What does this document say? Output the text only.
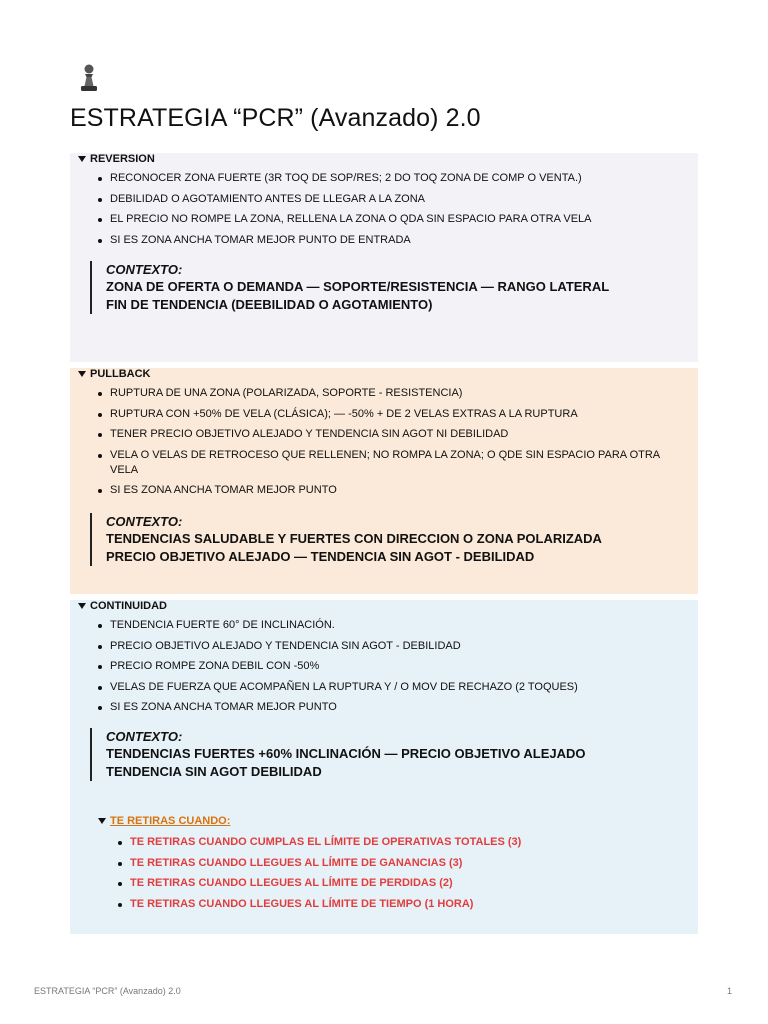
ESTRATEGIA “PCR” (Avanzado) 2.0
REVERSION
RECONOCER ZONA FUERTE (3R TOQ DE SOP/RES; 2 DO TOQ ZONA DE COMP O VENTA.)
DEBILIDAD O AGOTAMIENTO ANTES DE LLEGAR A LA ZONA
EL PRECIO NO ROMPE LA ZONA, RELLENA LA ZONA O QDA SIN ESPACIO PARA OTRA VELA
SI ES ZONA ANCHA TOMAR MEJOR PUNTO DE ENTRADA
CONTEXTO:
ZONA DE OFERTA O DEMANDA — SOPORTE/RESISTENCIA — RANGO LATERAL
FIN DE TENDENCIA (DEEBILIDAD O AGOTAMIENTO)
PULLBACK
RUPTURA DE UNA ZONA (POLARIZADA, SOPORTE - RESISTENCIA)
RUPTURA CON +50% DE VELA (CLÁSICA); — -50% + DE 2 VELAS EXTRAS A LA RUPTURA
TENER PRECIO OBJETIVO ALEJADO Y TENDENCIA SIN AGOT NI DEBILIDAD
VELA O VELAS DE RETROCESO QUE RELLENEN; NO ROMPA LA ZONA; O QDE SIN ESPACIO PARA OTRA VELA
SI ES ZONA ANCHA TOMAR MEJOR PUNTO
CONTEXTO:
TENDENCIAS SALUDABLE Y FUERTES CON DIRECCION O ZONA POLARIZADA
PRECIO OBJETIVO ALEJADO — TENDENCIA SIN AGOT - DEBILIDAD
CONTINUIDAD
TENDENCIA FUERTE 60° DE INCLINACIÓN.
PRECIO OBJETIVO ALEJADO Y TENDENCIA SIN AGOT - DEBILIDAD
PRECIO ROMPE ZONA DEBIL CON -50%
VELAS DE FUERZA QUE ACOMPAÑEN LA RUPTURA Y / O MOV DE RECHAZO (2 TOQUES)
SI ES ZONA ANCHA TOMAR MEJOR PUNTO
CONTEXTO:
TENDENCIAS FUERTES +60% INCLINACIÓN — PRECIO OBJETIVO ALEJADO
TENDENCIA SIN AGOT DEBILIDAD
TE RETIRAS CUANDO:
TE RETIRAS CUANDO CUMPLAS EL LÍMITE DE OPERATIVAS TOTALES (3)
TE RETIRAS CUANDO LLEGUES AL LÍMITE DE GANANCIAS (3)
TE RETIRAS CUANDO LLEGUES AL LÍMITE DE PERDIDAS (2)
TE RETIRAS CUANDO LLEGUES AL LÍMITE DE TIEMPO (1 HORA)
ESTRATEGIA “PCR” (Avanzado) 2.0	1
